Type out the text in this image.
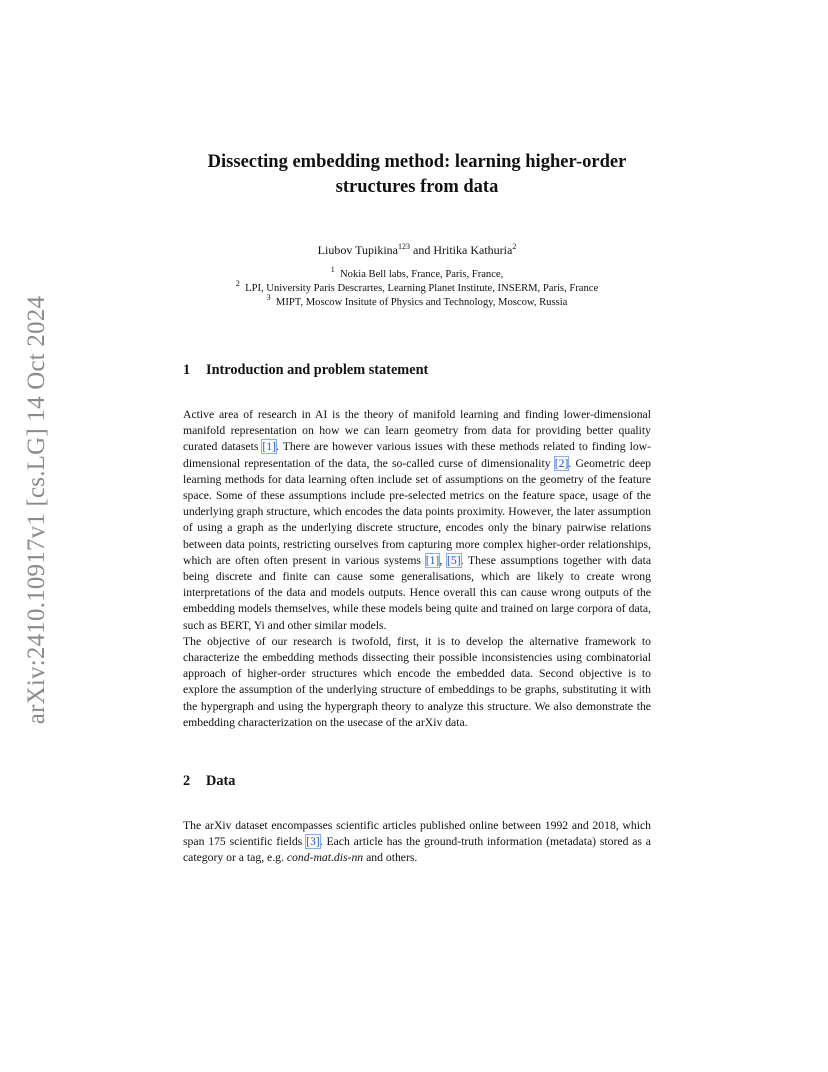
arXiv:2410.10917v1 [cs.LG] 14 Oct 2024
Dissecting embedding method: learning higher-order
structures from data
Liubov Tupikina$^{123}$ and Hritika Kathuria$^2$
$^1$ Nokia Bell labs, France, Paris, France,
$^2$ LPI, University Paris Descrartes, Learning Planet Institute, INSERM, Paris, France
$^3$ MIPT, Moscow Insitute of Physics and Technology, Moscow, Russia
1 Introduction and problem statement

Active area of research in AI is the theory of manifold learning and finding lower-dimensional manifold representation on how we can learn geometry from data for providing better quality curated datasets [1]. There are however various issues with these methods related to finding low-dimensional representation of the data, the so-called curse of dimensionality [2]. Geometric deep learning methods for data learning often include set of assumptions on the geometry of the feature space. Some of these assumptions include pre-selected metrics on the feature space, usage of the underlying graph structure, which encodes the data points proximity. However, the later assumption of using a graph as the underlying discrete structure, encodes only the binary pairwise relations between data points, restricting ourselves from capturing more complex higher-order relationships, which are often often present in various systems [1], [5]. These assumptions together with data being discrete and finite can cause some generalisations, which are likely to create wrong interpretations of the data and models outputs. Hence overall this can cause wrong outputs of the embedding models themselves, while these models being quite and trained on large corpora of data, such as BERT, Yi and other similar models.

The objective of our research is twofold, first, it is to develop the alternative framework to characterize the embedding methods dissecting their possible inconsistencies using combinatorial approach of higher-order structures which encode the embedded data. Second objective is to explore the assumption of the underlying structure of embeddings to be graphs, substituting it with the hypergraph and using the hypergraph theory to analyze this structure. We also demonstrate the embedding characterization on the usecase of the arXiv data.

2 Data

The arXiv dataset encompasses scientific articles published online between 1992 and 2018, which span 175 scientific fields [3]. Each article has the ground-truth information (metadata) stored as a category or a tag, e.g. cond-mat.dis-nn and others.
